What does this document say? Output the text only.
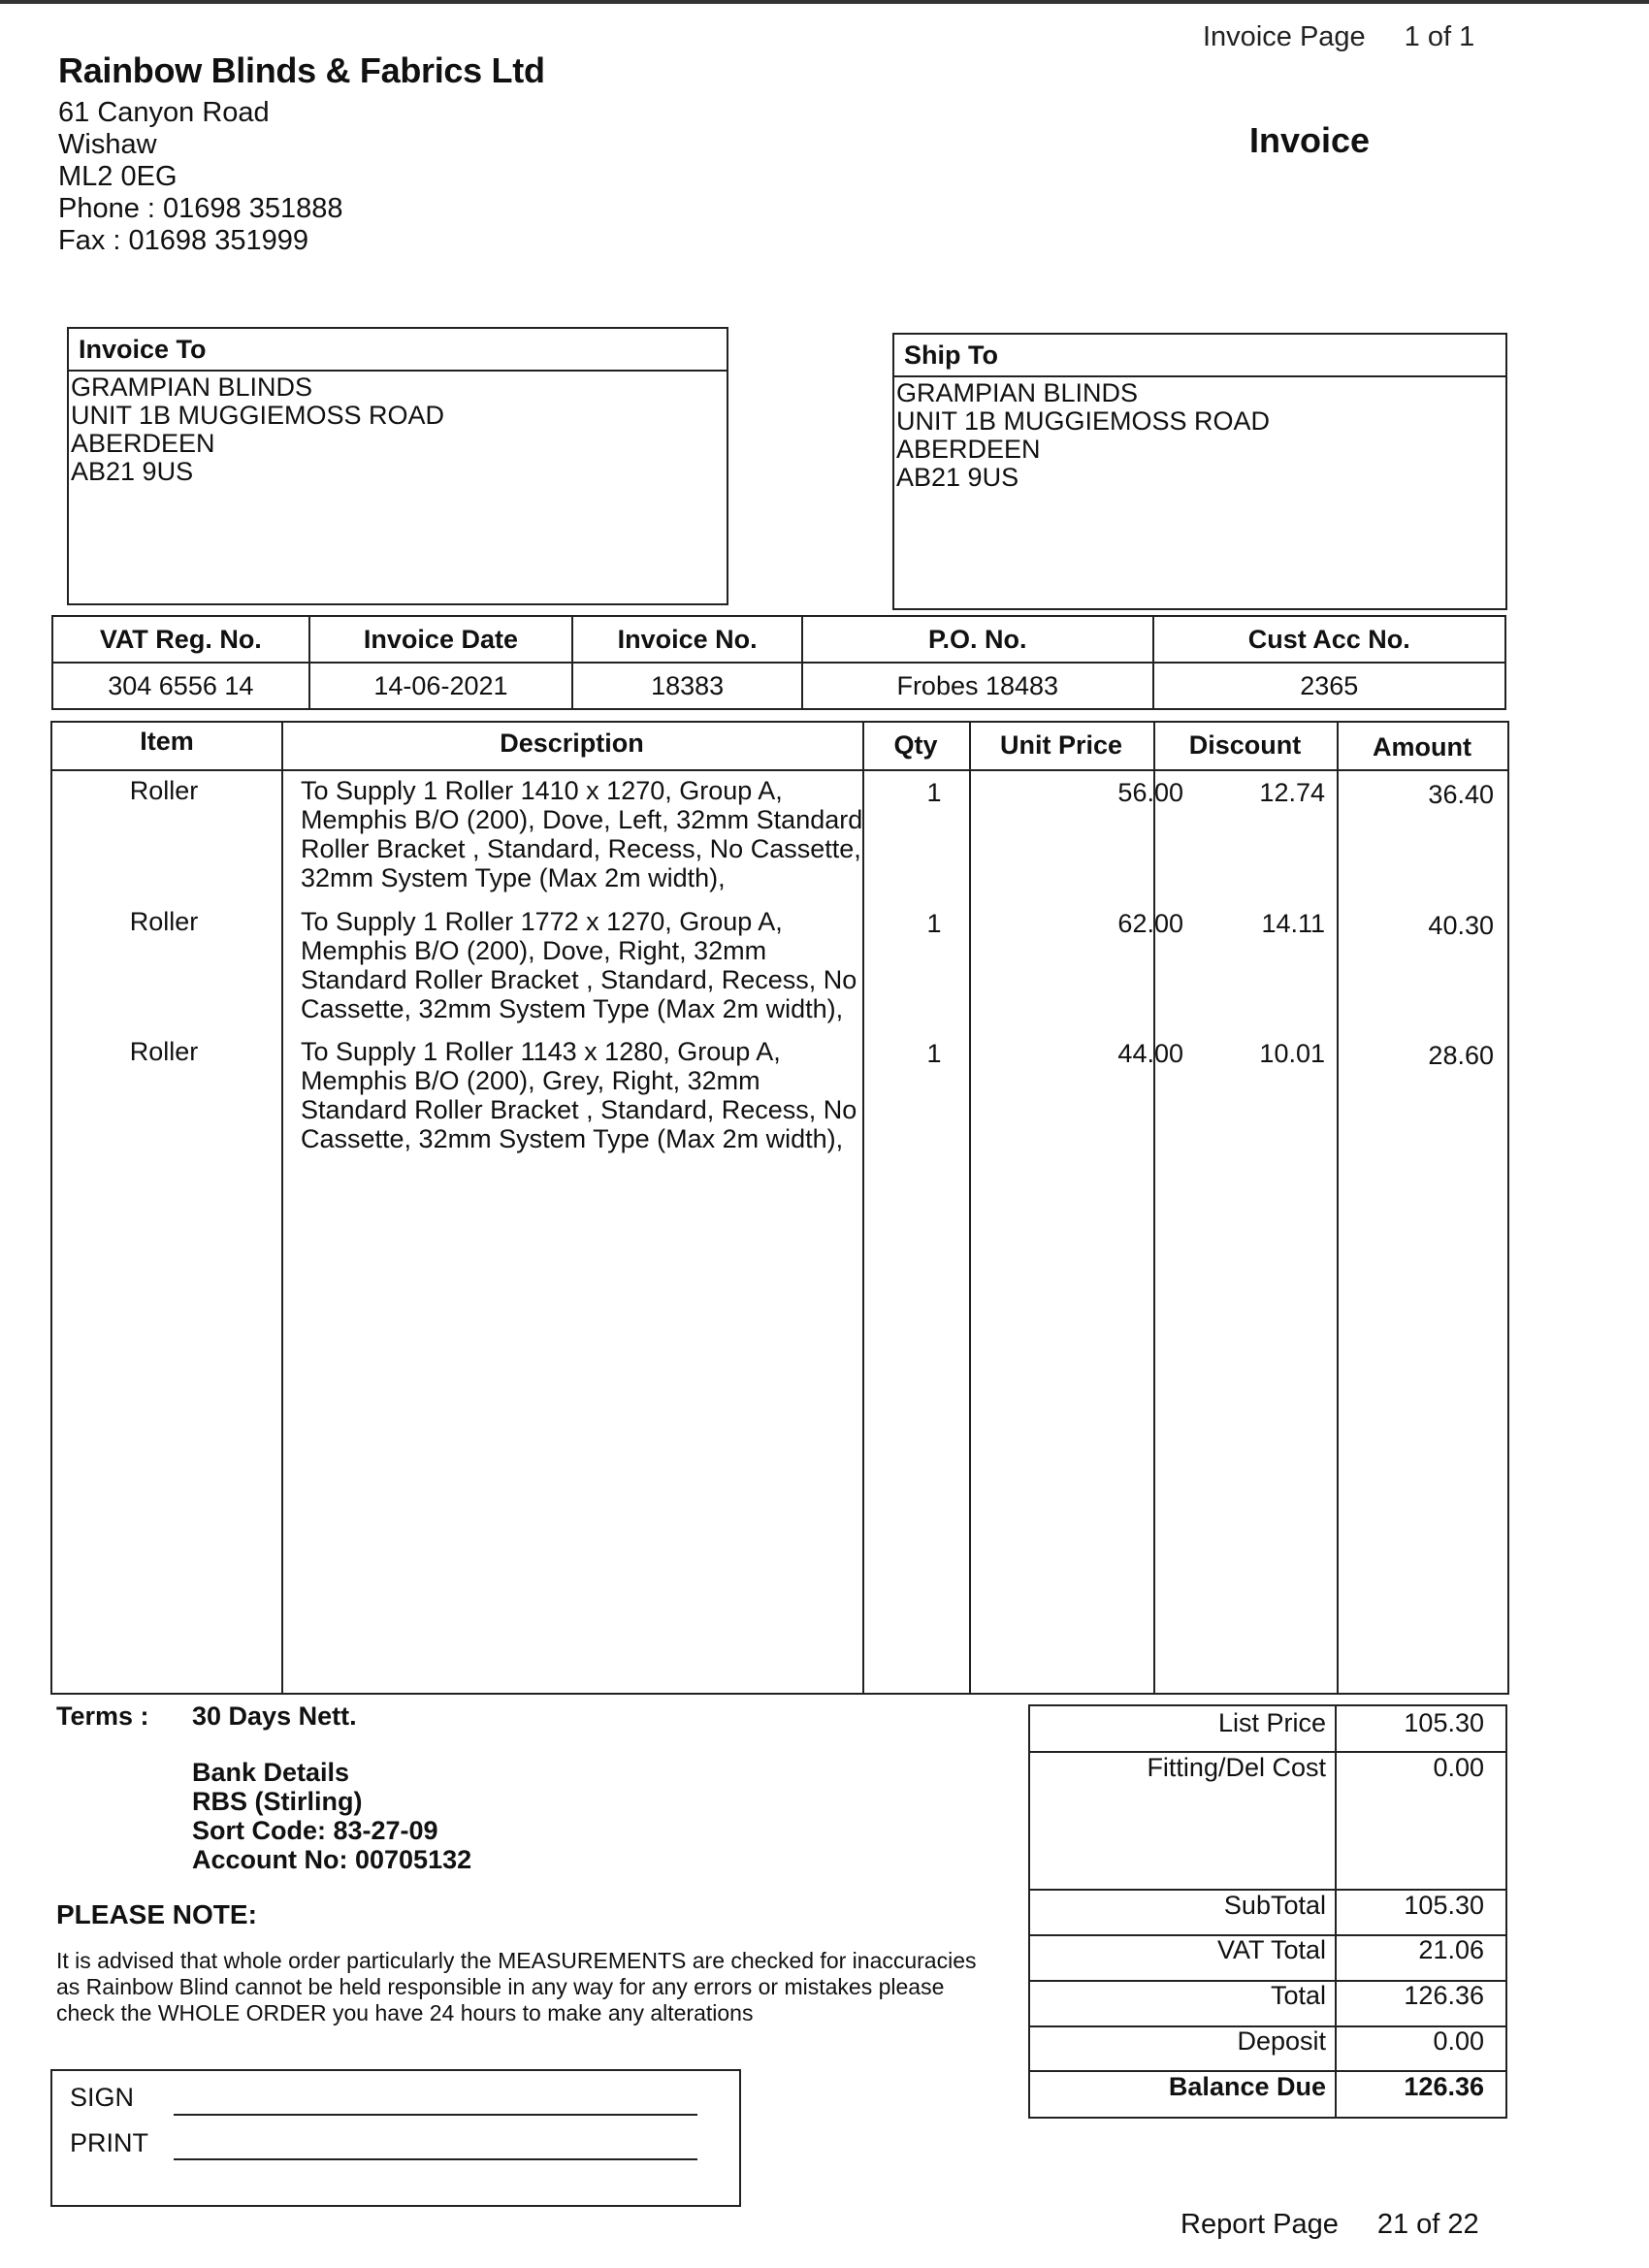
Rainbow Blinds & Fabrics Ltd
61 Canyon Road
Wishaw
ML2 0EG
Phone : 01698 351888
Fax : 01698 351999
Invoice Page 1 of 1
Invoice
Invoice To
GRAMPIAN BLINDS
UNIT 1B MUGGIEMOSS ROAD
ABERDEEN
AB21 9US
Ship To
GRAMPIAN BLINDS
UNIT 1B MUGGIEMOSS ROAD
ABERDEEN
AB21 9US
VAT Reg. No.	Invoice Date	Invoice No.	P.O. No.	Cust Acc No.
304 6556 14	14-06-2021	18383	Frobes 18483	2365
Item	Description	Qty	Unit Price	Discount	Amount
Roller	To Supply 1 Roller 1410 x 1270, Group A,
Memphis B/O (200), Dove, Left, 32mm Standard
Roller Bracket , Standard, Recess, No Cassette,
32mm System Type (Max 2m width),
1	56.00	12.74	36.40
Roller	To Supply 1 Roller 1772 x 1270, Group A,
Memphis B/O (200), Dove, Right, 32mm
Standard Roller Bracket , Standard, Recess, No
Cassette, 32mm System Type (Max 2m width),
1	62.00	14.11	40.30
Roller	To Supply 1 Roller 1143 x 1280, Group A,
Memphis B/O (200), Grey, Right, 32mm
Standard Roller Bracket , Standard, Recess, No
Cassette, 32mm System Type (Max 2m width),
1	44.00	10.01	28.60
Terms : 30 Days Nett.
Bank Details
RBS (Stirling)
Sort Code: 83-27-09
Account No: 00705132
PLEASE NOTE:
It is advised that whole order particularly the MEASUREMENTS are checked for inaccuracies as Rainbow Blind cannot be held responsible in any way for any errors or mistakes please check the WHOLE ORDER you have 24 hours to make any alterations
SIGN
PRINT
List Price	105.30
Fitting/Del Cost	0.00
SubTotal	105.30
VAT Total	21.06
Total	126.36
Deposit	0.00
Balance Due	126.36
Report Page 21 of 22
